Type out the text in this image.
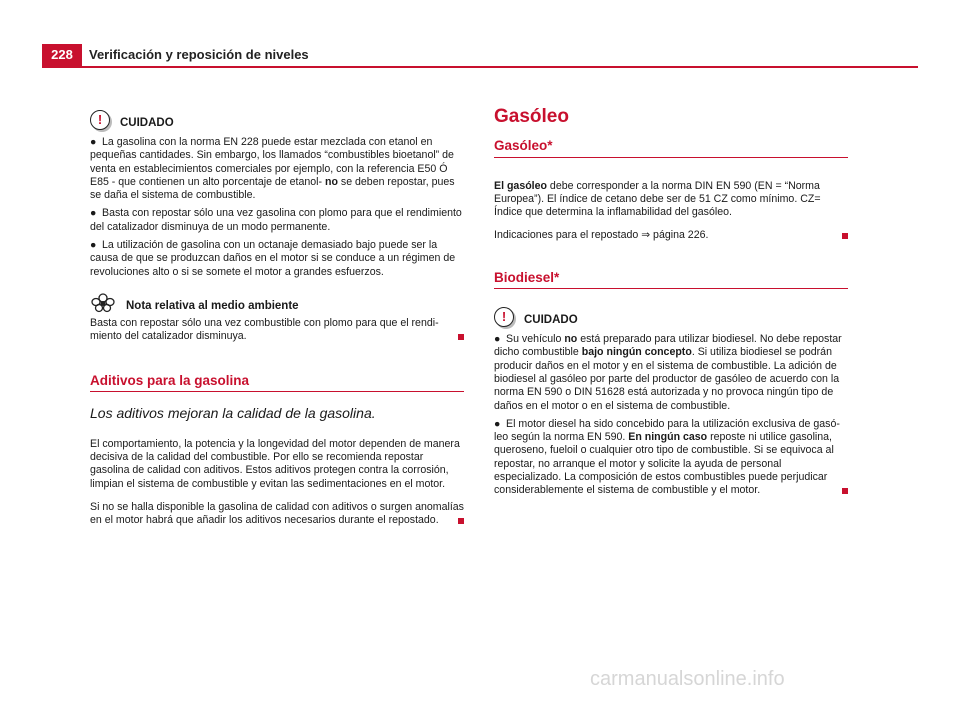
228	Verificación y reposición de niveles
!	CUIDADO
● La gasolina con la norma EN 228 puede estar mezclada con etanol en pequeñas cantidades. Sin embargo, los llamados “combustibles bioetanol” de venta en establecimientos comerciales por ejemplo, con la referencia E50 Ó E85 - que contienen un alto porcentaje de etanol- no se deben repostar, pues se daña el sistema de combustible.
● Basta con repostar sólo una vez gasolina con plomo para que el rendimiento del catalizador disminuya de un modo permanente.
● La utilización de gasolina con un octanaje demasiado bajo puede ser la causa de que se produzcan daños en el motor si se conduce a un régimen de revoluciones alto o si se somete el motor a grandes esfuerzos.
Nota relativa al medio ambiente

Basta con repostar sólo una vez combustible con plomo para que el rendimiento del catalizador disminuya.

Aditivos para la gasolina
Los aditivos mejoran la calidad de la gasolina.

El comportamiento, la potencia y la longevidad del motor dependen de manera decisiva de la calidad del combustible. Por ello se recomienda repostar gasolina de calidad con aditivos. Estos aditivos protegen contra la corrosión, limpian el sistema de combustible y evitan las sedimentaciones en el motor.

Si no se halla disponible la gasolina de calidad con aditivos o surgen anomalías en el motor habrá que añadir los aditivos necesarios durante el repostado.

Gasóleo
Gasóleo*

El gasóleo debe corresponder a la norma DIN EN 590 (EN = “Norma Europea”). El índice de cetano debe ser de 51 CZ como mínimo. CZ= Índice que determina la inflamabilidad del gasóleo.

Indicaciones para el repostado ⇒ página 226.

Biodiesel*
!	CUIDADO
● Su vehículo no está preparado para utilizar biodiesel. No debe repostar dicho combustible bajo ningún concepto. Si utiliza biodiesel se podrán producir daños en el motor y en el sistema de combustible. La adición de biodiesel al gasóleo por parte del productor de gasóleo de acuerdo con la norma EN 590 o DIN 51628 está autorizada y no provoca ningún tipo de daños en el motor o en el sistema de combustible.
● El motor diesel ha sido concebido para la utilización exclusiva de gasóleo según la norma EN 590. En ningún caso reposte ni utilice gasolina, queroseno, fueloil o cualquier otro tipo de combustible. Si se equivoca al repostar, no arranque el motor y solicite la ayuda de personal especializado. La composición de estos combustibles puede perjudicar considerablemente el sistema de combustible y el motor.
carmanualsonline.info
